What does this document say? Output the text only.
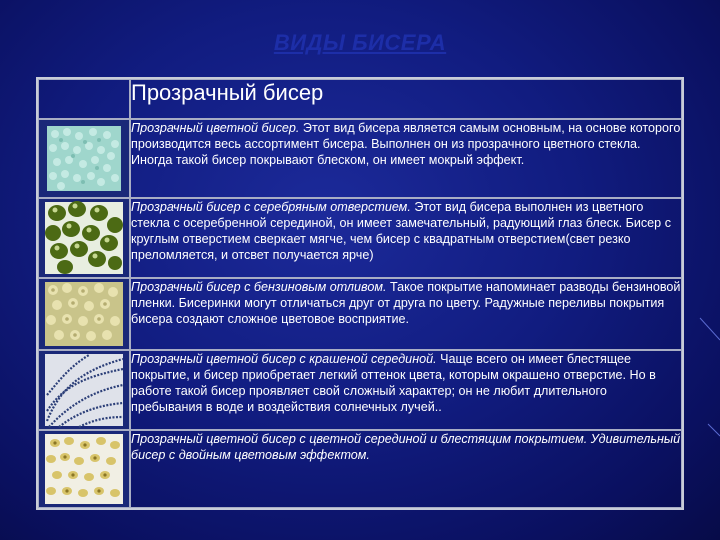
ВИДЫ БИСЕРА
	Прозрачный бисер

	Прозрачный цветной бисер. Этот вид бисера является самым основным, на основе которого производится весь ассортимент бисера. Выполнен он из прозрачного цветного стекла. Иногда такой бисер покрывают блеском, он имеет мокрый эффект.

	Прозрачный бисер с серебряным отверстием. Этот вид бисера выполнен из цветного стекла с осеребренной серединой, он имеет замечательный, радующий глаз блеск. Бисер с круглым отверстием сверкает мягче, чем бисер с квадратным отверстием(свет резко преломляется, и отсвет получается ярче)

	Прозрачный бисер с бензиновым отливом. Такое покрытие напоминает разводы бензиновой пленки. Бисеринки могут отличаться друг от друга по цвету. Радужные переливы покрытия бисера создают сложное цветовое восприятие.

	Прозрачный цветной бисер с крашеной серединой. Чаще всего он имеет блестящее покрытие, и бисер приобретает легкий оттенок цвета, которым окрашено отверстие. Но в работе такой бисер проявляет свой сложный характер; он не любит длительного пребывания в воде и воздействия солнечных лучей..

	Прозрачный цветной бисер с цветной серединой и блестящим покрытием. Удивительный бисер с двойным цветовым эффектом.
